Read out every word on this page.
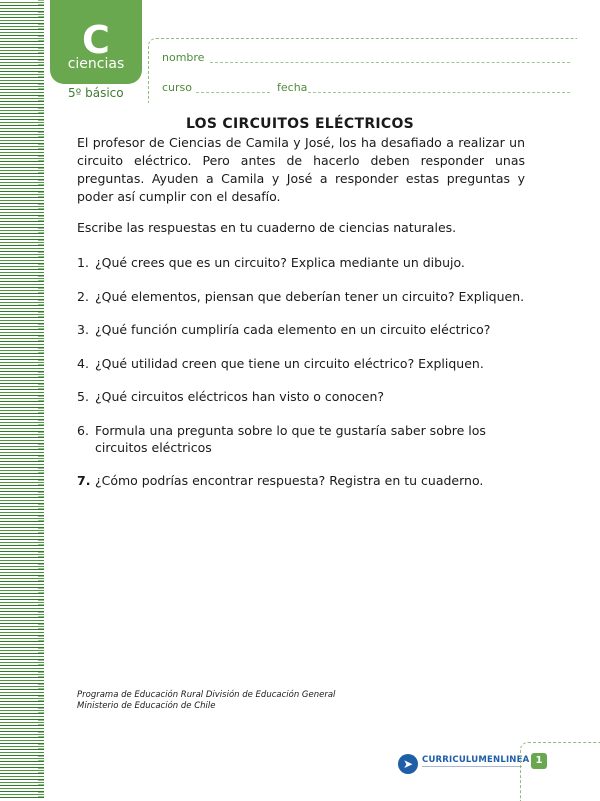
C
ciencias
5º básico
nombre
curso	fecha
LOS CIRCUITOS ELÉCTRICOS

El profesor de Ciencias de Camila y José, los ha desafiado a realizar un circuito eléctrico. Pero antes de hacerlo deben responder unas preguntas. Ayuden a Camila y José a responder estas preguntas y poder así cumplir con el desafío.

Escribe las respuestas en tu cuaderno de ciencias naturales.

1. ¿Qué crees que es un circuito? Explica mediante un dibujo.
2. ¿Qué elementos, piensan que deberían tener un circuito? Expliquen.
3. ¿Qué función cumpliría cada elemento en un circuito eléctrico?
4. ¿Qué utilidad creen que tiene un circuito eléctrico? Expliquen.
5. ¿Qué circuitos eléctricos han visto o conocen?
6. Formula una pregunta sobre lo que te gustaría saber sobre los circuitos eléctricos
7. ¿Cómo podrías encontrar respuesta? Registra en tu cuaderno.
Programa de Educación Rural División de Educación General
Ministerio de Educación de Chile
➤	CURRICULUMENLINEA 1
